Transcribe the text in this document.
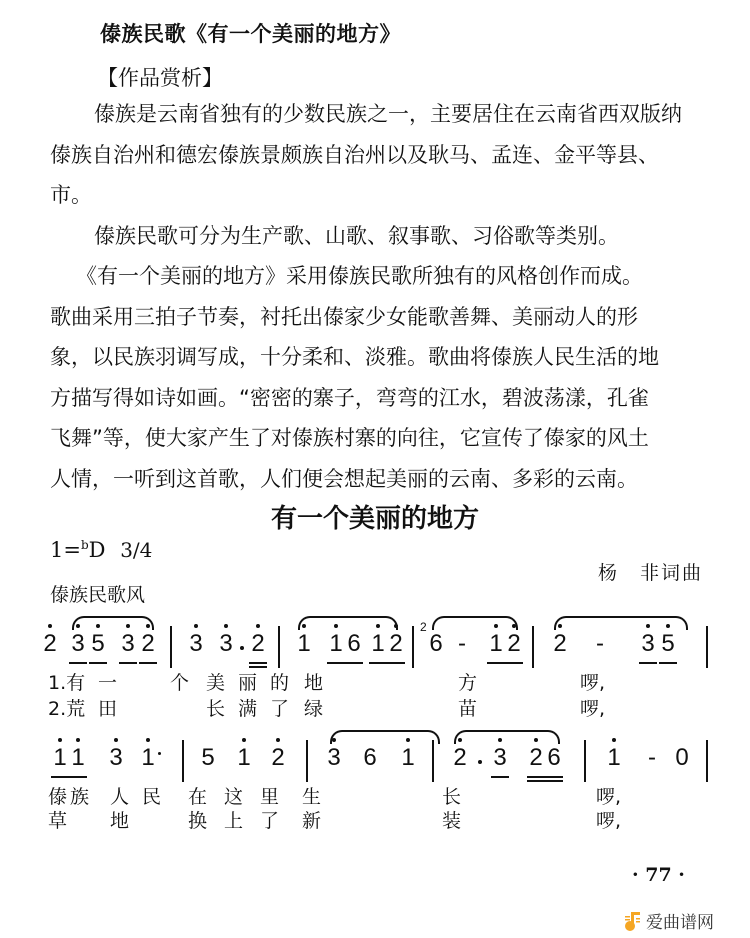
傣族民歌《有一个美丽的地方》
【作品赏析】
傣族是云南省独有的少数民族之一，主要居住在云南省西双版纳
傣族自治州和德宏傣族景颇族自治州以及耿马、孟连、金平等县、
市。
傣族民歌可分为生产歌、山歌、叙事歌、习俗歌等类别。
《有一个美丽的地方》采用傣族民歌所独有的风格创作而成。
歌曲采用三拍子节奏，衬托出傣家少女能歌善舞、美丽动人的形
象，以民族羽调写成，十分柔和、淡雅。歌曲将傣族人民生活的地
方描写得如诗如画。“密密的寨子，弯弯的江水，碧波荡漾，孔雀
飞舞”等，使大家产生了对傣族村寨的向往，它宣传了傣家的风土
人情，一听到这首歌，人们便会想起美丽的云南、多彩的云南。
有一个美丽的地方
1=$^b$D 3/4
杨　非词曲
傣族民歌风
2 3 5 3 2 3 3 2 1 1 6 1 2
2
6 - 1 2 2 - 3 5
1.有 一	个 美 丽 的 地	方	啰,
2.荒 田	长 满 了 绿	苗	啰,
1 1 3 1 5 1 2 3 6 1 2 3 2 6 1 - 0
傣 族 人 民 在 这 里 生	长	啰,
草 地	换 上 了 新	装	啰,
· 77 ·
爱曲谱网
